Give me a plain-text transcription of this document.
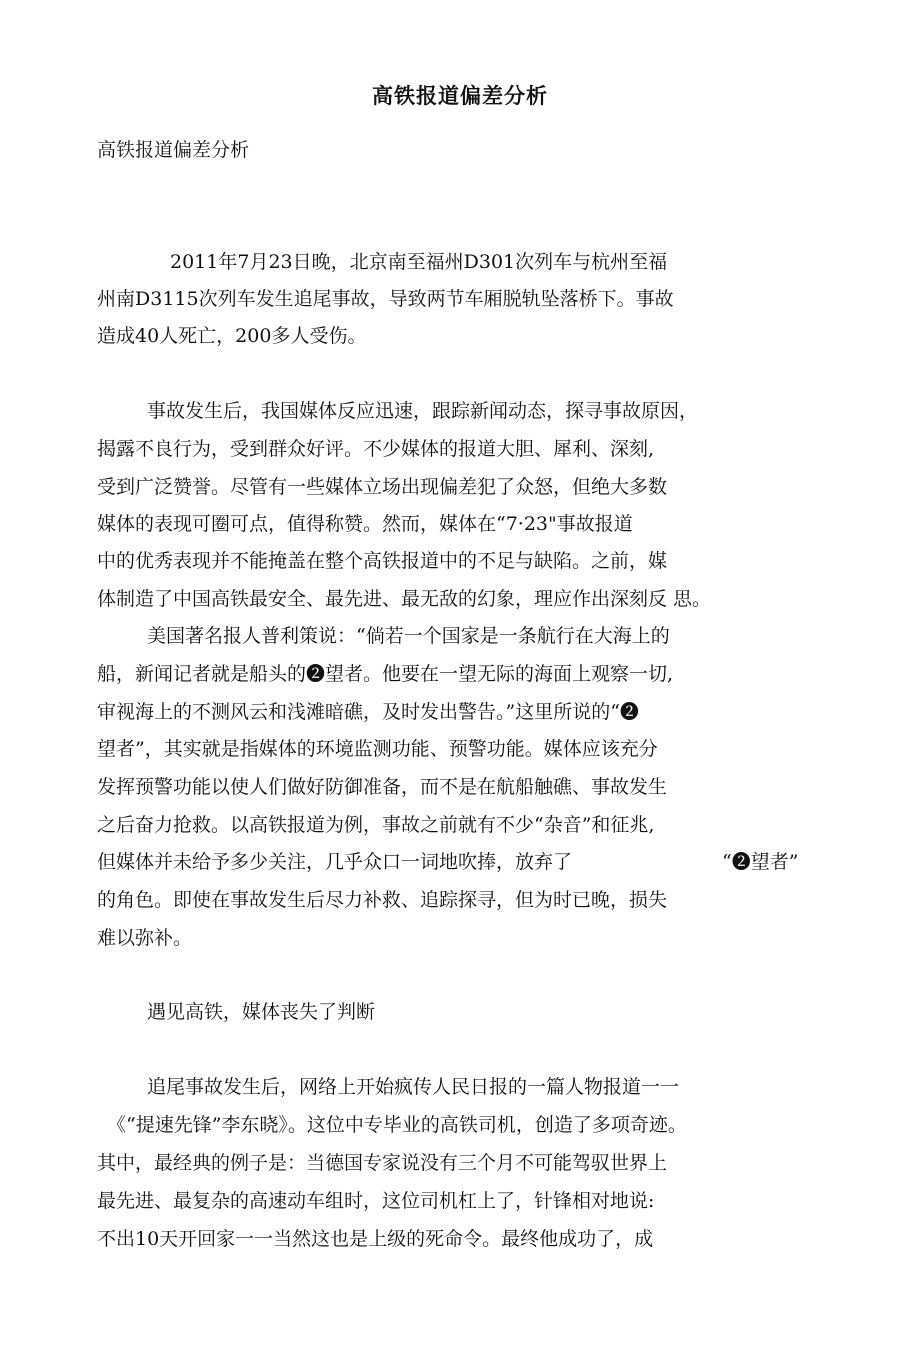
高铁报道偏差分析
高铁报道偏差分析
2011年7月23日晚，北京南至福州D301次列车与杭州至福
州南D3115次列车发生追尾事故，导致两节车厢脱轨坠落桥下。事故
造成40人死亡，200多人受伤。
事故发生后，我国媒体反应迅速，跟踪新闻动态，探寻事故原因，
揭露不良行为，受到群众好评。不少媒体的报道大胆、犀利、深刻,
受到广泛赞誉。尽管有一些媒体立场出现偏差犯了众怒，但绝大多数
媒体的表现可圈可点，值得称赞。然而，媒体在“7·23"事故报道
中的优秀表现并不能掩盖在整个高铁报道中的不足与缺陷。之前，媒
体制造了中国高铁最安全、最先进、最无敌的幻象，理应作出深刻反 思。
美国著名报人普利策说：“倘若一个国家是一条航行在大海上的
船，新闻记者就是船头的❷望者。他要在一望无际的海面上观察一切,
审视海上的不测风云和浅滩暗礁，及时发出警告。”这里所说的“❷
望者”，其实就是指媒体的环境监测功能、预警功能。媒体应该充分
发挥预警功能以使人们做好防御准备，而不是在航船触礁、事故发生
之后奋力抢救。以高铁报道为例，事故之前就有不少“杂音”和征兆,
但媒体并未给予多少关注，几乎众口一词地吹捧，放弃了	“❷望者”
的角色。即使在事故发生后尽力补救、追踪探寻，但为时已晚，损失
难以弥补。
遇见高铁，媒体丧失了判断
追尾事故发生后，网络上开始疯传人民日报的一篇人物报道一一
《“提速先锋”李东晓》。这位中专毕业的高铁司机，创造了多项奇迹。
其中，最经典的例子是：当德国专家说没有三个月不可能驾驭世界上
最先进、最复杂的高速动车组时，这位司机杠上了，针锋相对地说:
不出10天开回家一一当然这也是上级的死命令。最终他成功了，成
